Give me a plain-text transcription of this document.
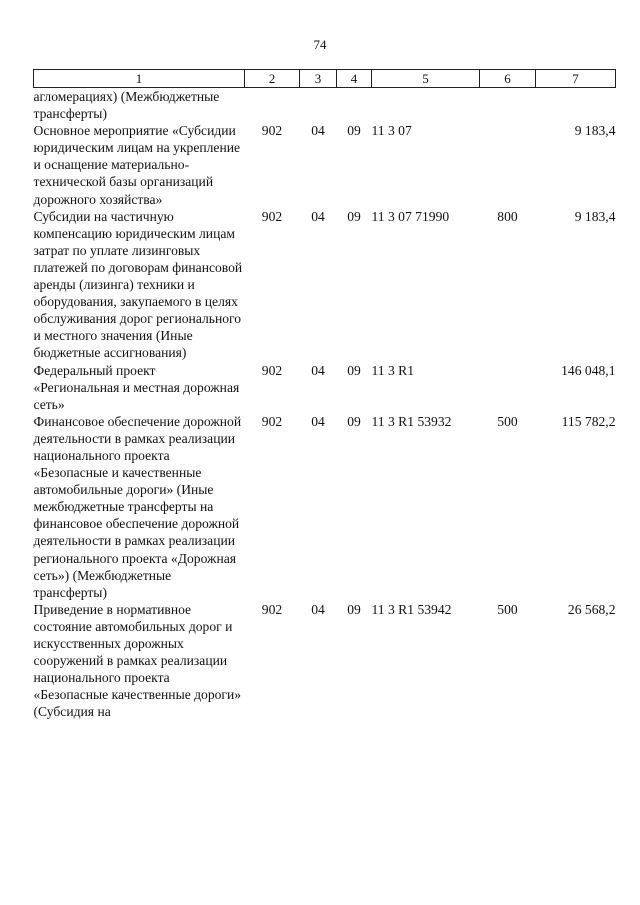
74
1	2	3	4	5	6	7
агломерациях) (Межбюджетные трансферты)						
Основное мероприятие «Субсидии юридическим лицам на укрепление и оснащение материально-технической базы организаций дорожного хозяйства»	902	04	09	11 3 07		9 183,4
Субсидии на частичную компенсацию юридическим лицам затрат по уплате лизинговых платежей по договорам финансовой аренды (лизинга) техники и оборудования, закупаемого в целях обслуживания дорог регионального и местного значения (Иные бюджетные ассигнования)	902	04	09	11 3 07 71990	800	9 183,4
Федеральный проект «Региональная и местная дорожная сеть»	902	04	09	11 3 R1		146 048,1
Финансовое обеспечение дорожной деятельности в рамках реализации национального проекта «Безопасные и качественные автомобильные дороги» (Иные межбюджетные трансферты на финансовое обеспечение дорожной деятельности в рамках реализации регионального проекта «Дорожная сеть») (Межбюджетные трансферты)	902	04	09	11 3 R1 53932	500	115 782,2
Приведение в нормативное состояние автомобильных дорог и искусственных дорожных сооружений в рамках реализации национального проекта «Безопасные качественные дороги» (Субсидия на	902	04	09	11 3 R1 53942	500	26 568,2
